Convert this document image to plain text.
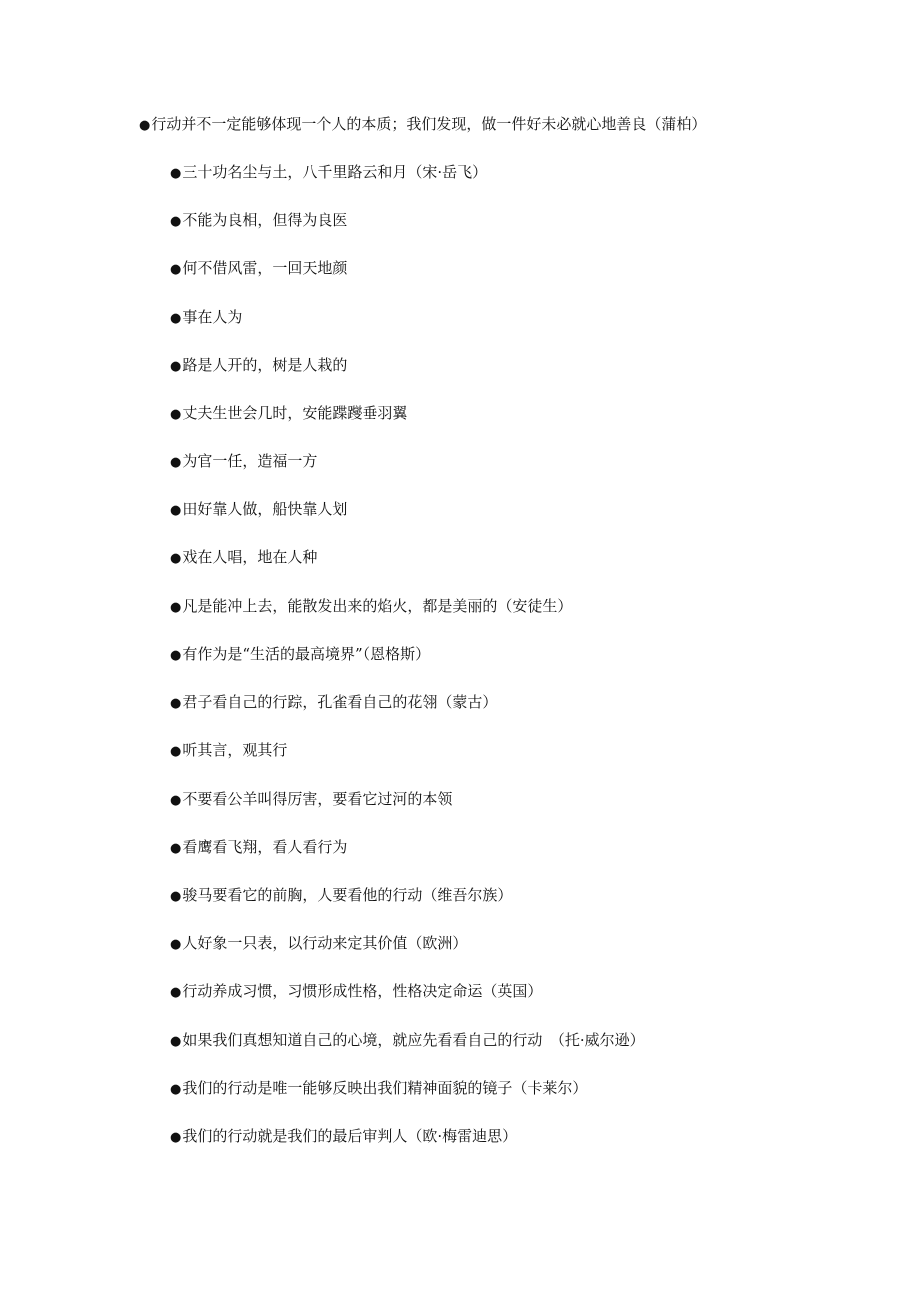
●行动并不一定能够体现一个人的本质；我们发现，做一件好未必就心地善良（蒲柏）
●三十功名尘与土，八千里路云和月（宋·岳飞）
●不能为良相，但得为良医
●何不借风雷，一回天地颜
●事在人为
●路是人开的，树是人栽的
●丈夫生世会几时，安能蹀躞垂羽翼
●为官一任，造福一方
●田好靠人做，船快靠人划
●戏在人唱，地在人种
●凡是能冲上去，能散发出来的焰火，都是美丽的（安徒生）
●有作为是“生活的最高境界”（恩格斯）
●君子看自己的行踪，孔雀看自己的花翎（蒙古）
●听其言，观其行
●不要看公羊叫得厉害，要看它过河的本领
●看鹰看飞翔，看人看行为
●骏马要看它的前胸，人要看他的行动（维吾尔族）
●人好象一只表，以行动来定其价值（欧洲）
●行动养成习惯，习惯形成性格，性格决定命运（英国）
●如果我们真想知道自己的心境，就应先看看自己的行动　（托·威尔逊）
●我们的行动是唯一能够反映出我们精神面貌的镜子（卡莱尔）
●我们的行动就是我们的最后审判人（欧·梅雷迪思）
